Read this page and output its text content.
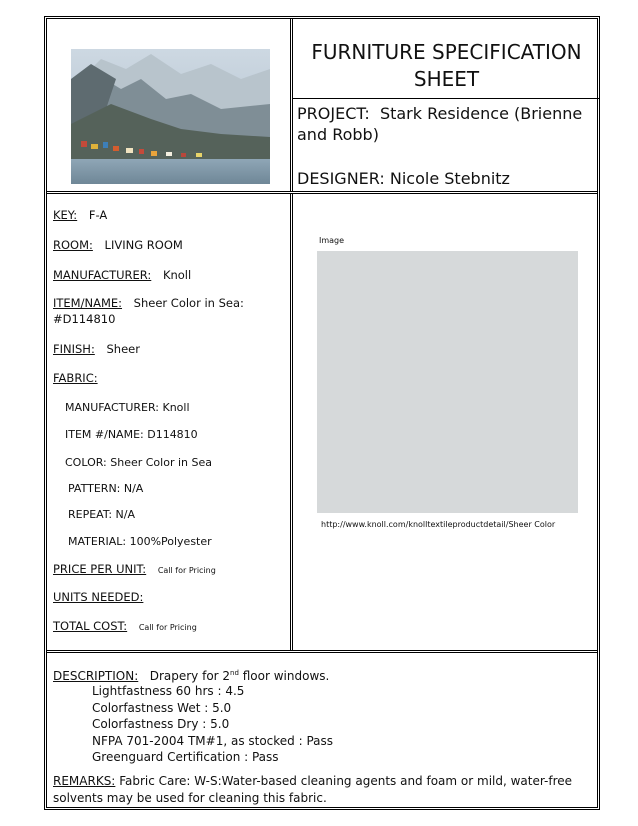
FURNITURE SPECIFICATION SHEET
PROJECT: Stark Residence (Brienne and Robb)
DESIGNER: Nicole Stebnitz
KEY: F-A
ROOM: LIVING ROOM
MANUFACTURER: Knoll
ITEM/NAME: Sheer Color in Sea:
#D114810
FINISH: Sheer
FABRIC:
MANUFACTURER: Knoll
ITEM #/NAME: D114810
COLOR: Sheer Color in Sea
PATTERN: N/A
REPEAT: N/A
MATERIAL: 100%Polyester
PRICE PER UNIT: Call for Pricing
UNITS NEEDED:
TOTAL COST: Call for Pricing
Image
http://www.knoll.com/knolltextileproductdetail/Sheer Color
DESCRIPTION: Drapery for 2nd floor windows.
Lightfastness 60 hrs : 4.5
Colorfastness Wet : 5.0
Colorfastness Dry : 5.0
NFPA 701-2004 TM#1, as stocked : Pass
Greenguard Certification : Pass
REMARKS: Fabric Care: W-S:Water-based cleaning agents and foam or mild, water-free solvents may be used for cleaning this fabric.
